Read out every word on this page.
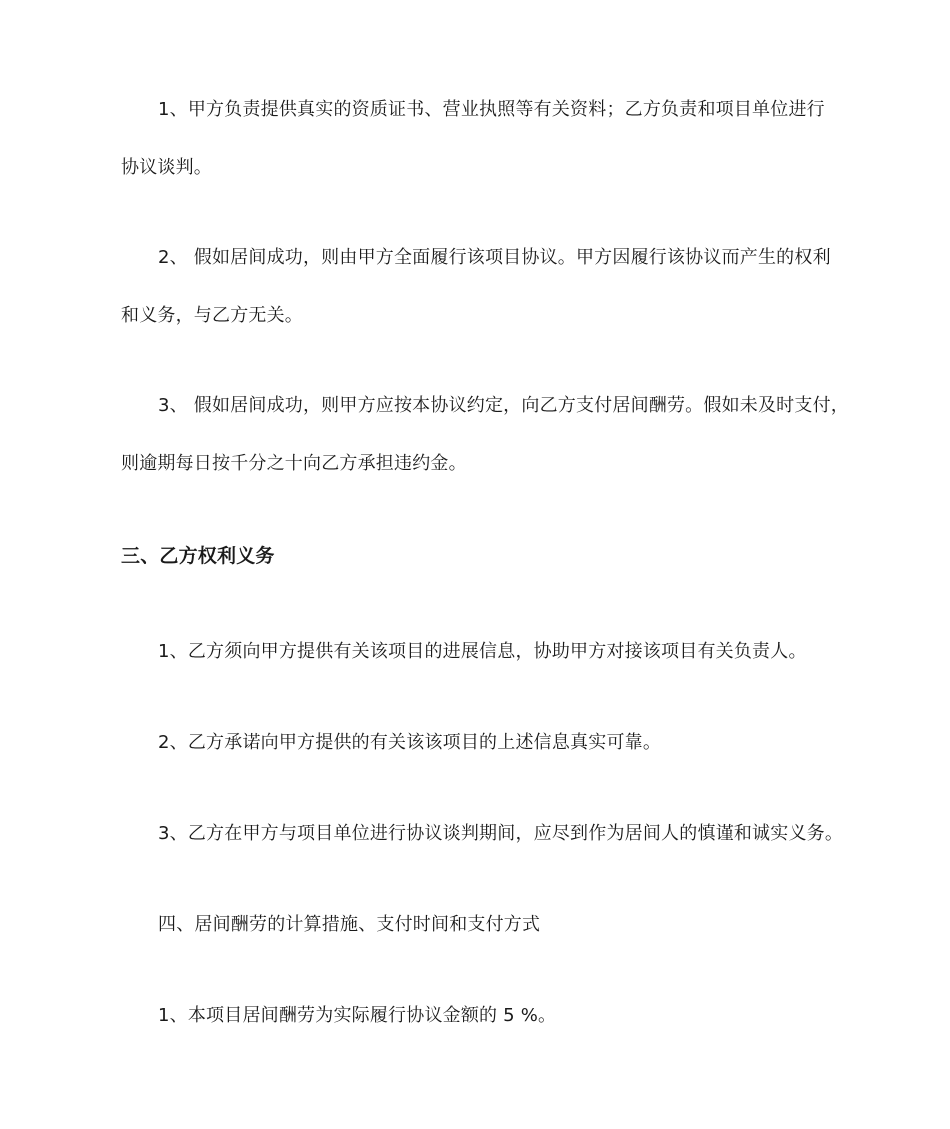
1、甲方负责提供真实的资质证书、营业执照等有关资料；乙方负责和项目单位进行
协议谈判。
2、 假如居间成功，则由甲方全面履行该项目协议。甲方因履行该协议而产生的权利
和义务，与乙方无关。
3、 假如居间成功，则甲方应按本协议约定，向乙方支付居间酬劳。假如未及时支付，
则逾期每日按千分之十向乙方承担违约金。
三、乙方权利义务
1、乙方须向甲方提供有关该项目的进展信息，协助甲方对接该项目有关负责人。
2、乙方承诺向甲方提供的有关该该项目的上述信息真实可靠。
3、乙方在甲方与项目单位进行协议谈判期间，应尽到作为居间人的慎谨和诚实义务。
四、居间酬劳的计算措施、支付时间和支付方式
1、本项目居间酬劳为实际履行协议金额的 5 %。
